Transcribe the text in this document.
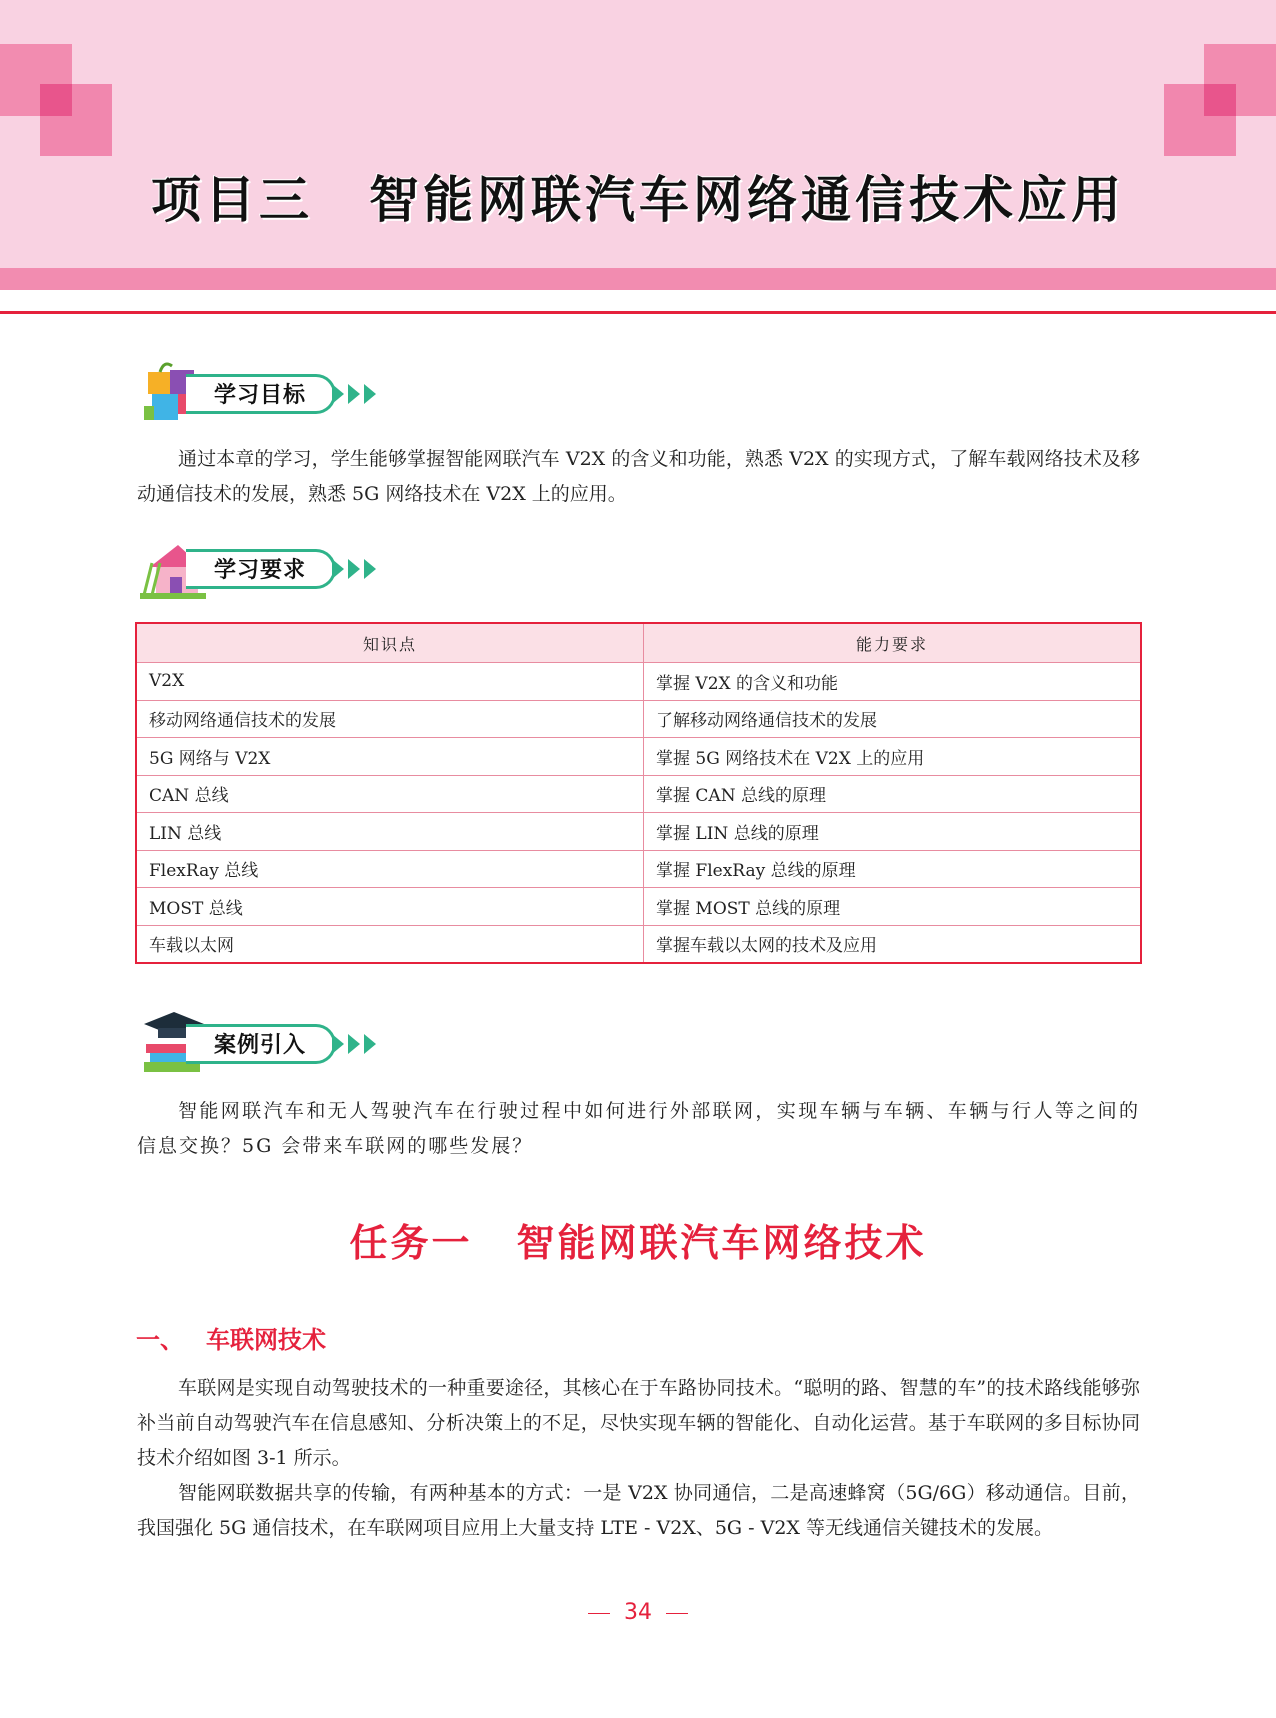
项目三 智能网联汽车网络通信技术应用
学习目标
通过本章的学习，学生能够掌握智能网联汽车 V2X 的含义和功能，熟悉 V2X 的实现方式，了解车载网络技术及移动通信技术的发展，熟悉 5G 网络技术在 V2X 上的应用。
学习要求
知识点	能力要求
V2X	掌握 V2X 的含义和功能
移动网络通信技术的发展	了解移动网络通信技术的发展
5G 网络与 V2X	掌握 5G 网络技术在 V2X 上的应用
CAN 总线	掌握 CAN 总线的原理
LIN 总线	掌握 LIN 总线的原理
FlexRay 总线	掌握 FlexRay 总线的原理
MOST 总线	掌握 MOST 总线的原理
车载以太网	掌握车载以太网的技术及应用
案例引入
智能网联汽车和无人驾驶汽车在行驶过程中如何进行外部联网，实现车辆与车辆、车辆与行人等之间的信息交换？5G 会带来车联网的哪些发展？
任务一 智能网联汽车网络技术
一、 车联网技术
车联网是实现自动驾驶技术的一种重要途径，其核心在于车路协同技术。“聪明的路、智慧的车”的技术路线能够弥补当前自动驾驶汽车在信息感知、分析决策上的不足，尽快实现车辆的智能化、自动化运营。基于车联网的多目标协同技术介绍如图 3-1 所示。
智能网联数据共享的传输，有两种基本的方式：一是 V2X 协同通信，二是高速蜂窝（5G/6G）移动通信。目前，我国强化 5G 通信技术，在车联网项目应用上大量支持 LTE - V2X、5G - V2X 等无线通信关键技术的发展。
34
